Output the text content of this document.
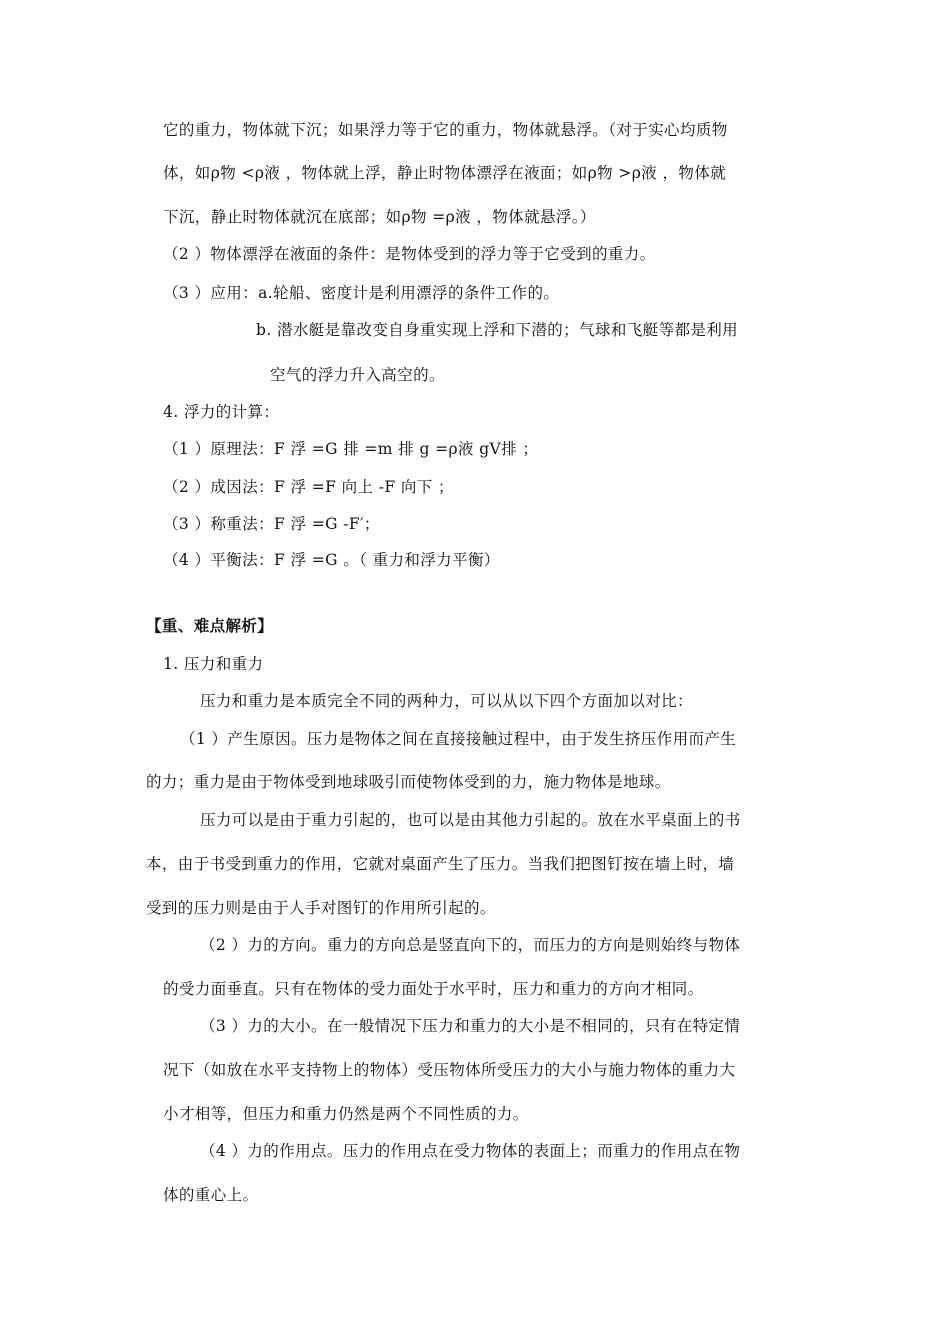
它的重力，物体就下沉；如果浮力等于它的重力，物体就悬浮。（对于实心均质物
体，如ρ物 <ρ液 ，物体就上浮，静止时物体漂浮在液面；如ρ物 >ρ液 ，物体就
下沉，静止时物体就沉在底部；如ρ物 =ρ液 ，物体就悬浮。）
（2 ）物体漂浮在液面的条件：是物体受到的浮力等于它受到的重力。
（3 ）应用：a.轮船、密度计是利用漂浮的条件工作的。
b. 潜水艇是靠改变自身重实现上浮和下潜的；气球和飞艇等都是利用
空气的浮力升入高空的。
4. 浮力的计算：
（1 ）原理法：F 浮 =G 排 =m 排 g =ρ液 gV排 ；
（2 ）成因法：F 浮 =F 向上 -F 向下 ；
（3 ）称重法：F 浮 =G -F′；
（4 ）平衡法：F 浮 =G 。（ 重力和浮力平衡）
【重、难点解析】
1. 压力和重力
压力和重力是本质完全不同的两种力，可以从以下四个方面加以对比：
（1 ）产生原因。压力是物体之间在直接接触过程中，由于发生挤压作用而产生
的力；重力是由于物体受到地球吸引而使物体受到的力，施力物体是地球。
压力可以是由于重力引起的，也可以是由其他力引起的。放在水平桌面上的书
本，由于书受到重力的作用，它就对桌面产生了压力。当我们把图钉按在墙上时，墙
受到的压力则是由于人手对图钉的作用所引起的。
（2 ）力的方向。重力的方向总是竖直向下的，而压力的方向是则始终与物体
的受力面垂直。只有在物体的受力面处于水平时，压力和重力的方向才相同。
（3 ）力的大小。在一般情况下压力和重力的大小是不相同的，只有在特定情
况下（如放在水平支持物上的物体）受压物体所受压力的大小与施力物体的重力大
小才相等，但压力和重力仍然是两个不同性质的力。
（4 ）力的作用点。压力的作用点在受力物体的表面上；而重力的作用点在物
体的重心上。
